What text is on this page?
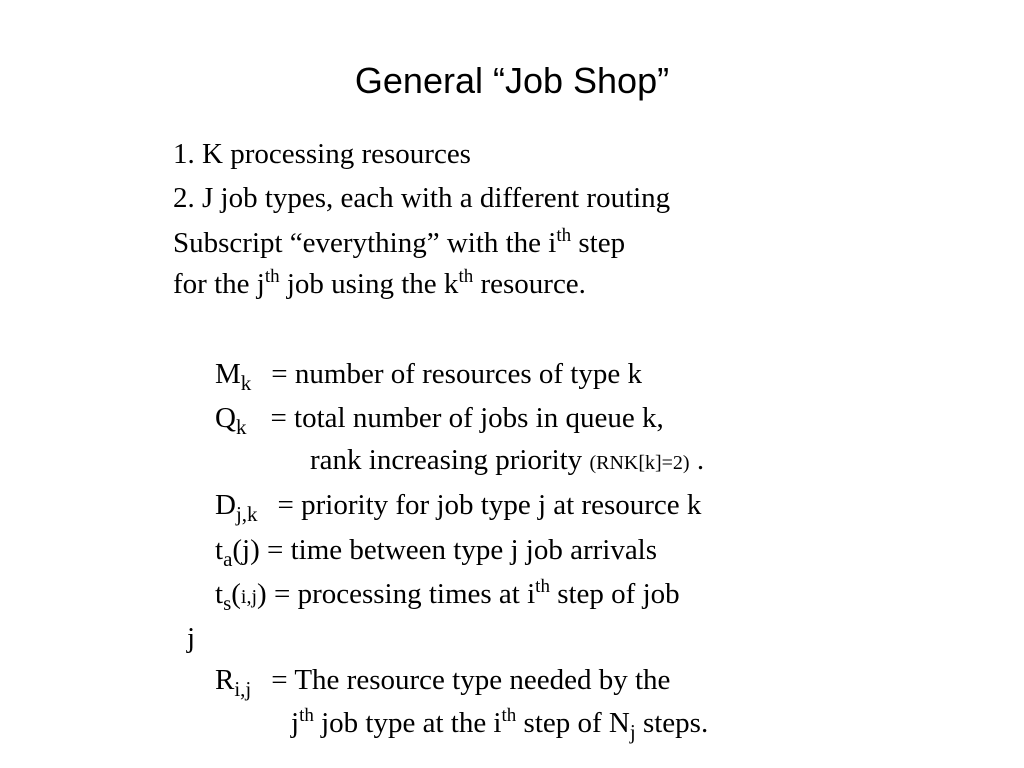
General “Job Shop”
1. K processing resources
2. J job types, each with a different routing
Subscript “everything” with the $i^{th}$ step
for the $j^{th}$ job using the $k^{th}$ resource.
$M_k$ = number of resources of type k
$Q_k$ = total number of jobs in queue k,
rank increasing priority (RNK[k]=2) .
$D_{j,k}$ = priority for job type j at resource k
$t_a(j)$ = time between type j job arrivals
$t_s(i,j)$ = processing times at $i^{th}$ step of job
j
$R_{i,j}$ = The resource type needed by the
$j^{th}$ job type at the $i^{th}$ step of $N_j$ steps.
